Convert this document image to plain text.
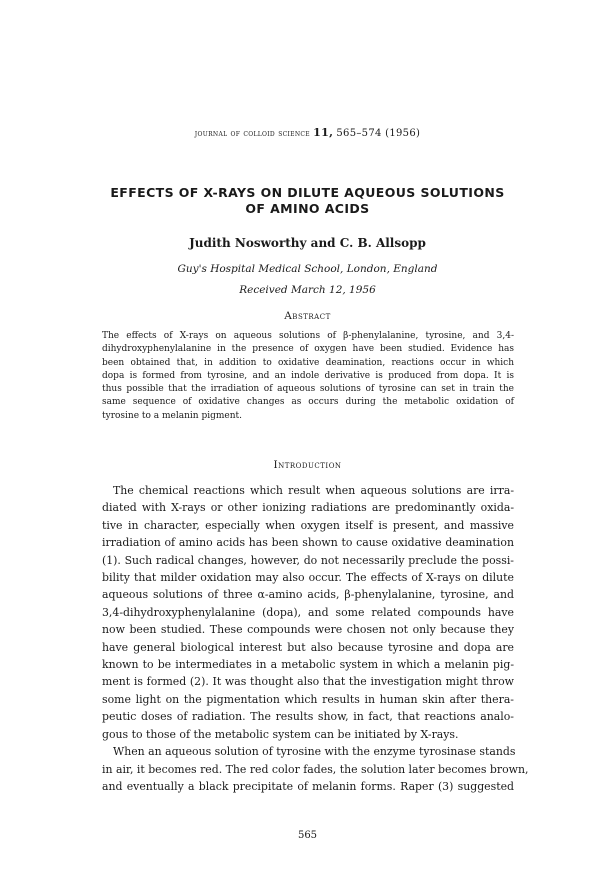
journal of colloid science 11, 565–574 (1956)
EFFECTS OF X-RAYS ON DILUTE AQUEOUS SOLUTIONS
OF AMINO ACIDS
Judith Nosworthy and C. B. Allsopp
Guy's Hospital Medical School, London, England
Received March 12, 1956
Abstract
The effects of X-rays on aqueous solutions of β-phenylalanine, tyrosine, and 3,4-
dihydroxyphenylalanine in the presence of oxygen have been studied. Evidence has
been obtained that, in addition to oxidative deamination, reactions occur in which
dopa is formed from tyrosine, and an indole derivative is produced from dopa. It is
thus possible that the irradiation of aqueous solutions of tyrosine can set in train the
same sequence of oxidative changes as occurs during the metabolic oxidation of
tyrosine to a melanin pigment.
Introduction
The chemical reactions which result when aqueous solutions are irra-
diated with X-rays or other ionizing radiations are predominantly oxida-
tive in character, especially when oxygen itself is present, and massive
irradiation of amino acids has been shown to cause oxidative deamination
(1). Such radical changes, however, do not necessarily preclude the possi-
bility that milder oxidation may also occur. The effects of X-rays on dilute
aqueous solutions of three α-amino acids, β-phenylalanine, tyrosine, and
3,4-dihydroxyphenylalanine (dopa), and some related compounds have
now been studied. These compounds were chosen not only because they
have general biological interest but also because tyrosine and dopa are
known to be intermediates in a metabolic system in which a melanin pig-
ment is formed (2). It was thought also that the investigation might throw
some light on the pigmentation which results in human skin after thera-
peutic doses of radiation. The results show, in fact, that reactions analo-
gous to those of the metabolic system can be initiated by X-rays.
When an aqueous solution of tyrosine with the enzyme tyrosinase stands
in air, it becomes red. The red color fades, the solution later becomes brown,
and eventually a black precipitate of melanin forms. Raper (3) suggested
565
